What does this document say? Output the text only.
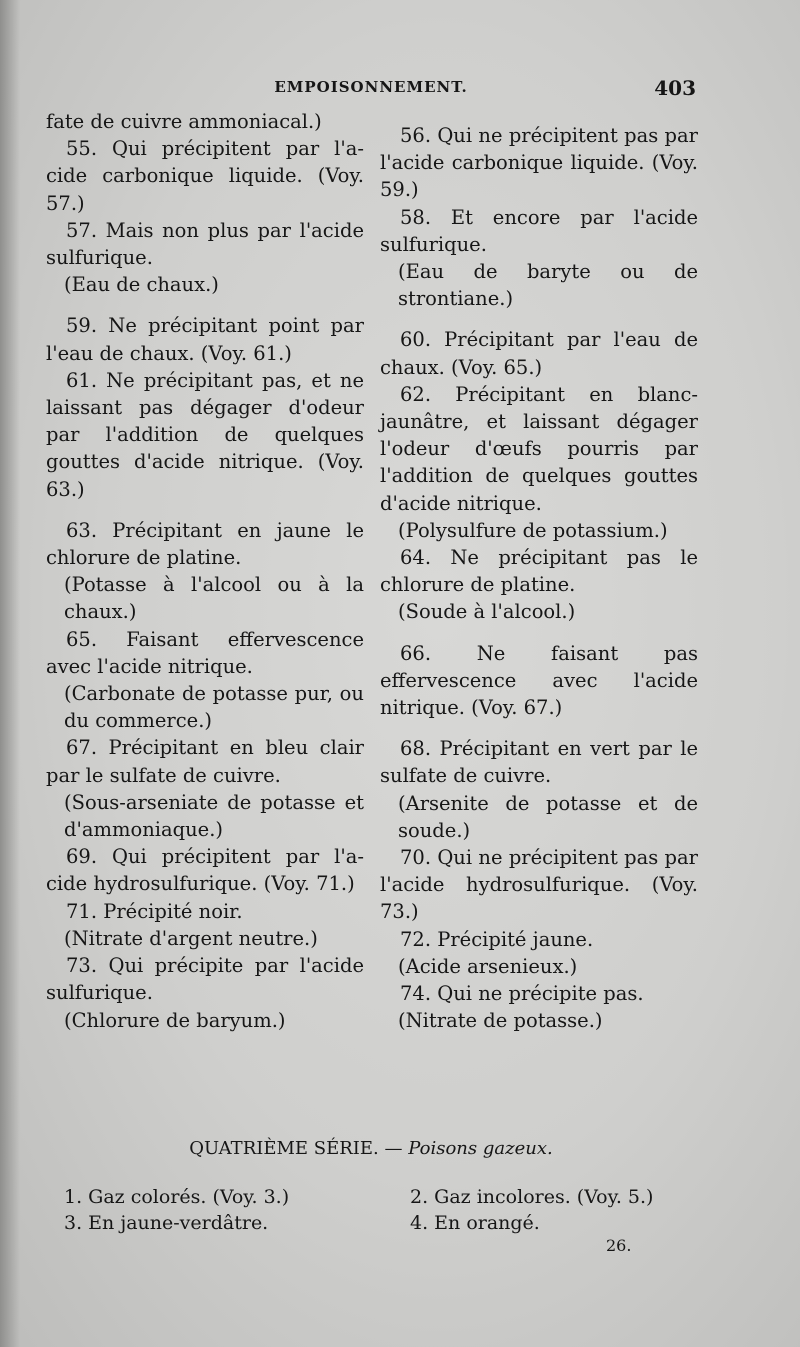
EMPOISONNEMENT.	403

fate de cuivre ammoniacal.)

55. Qui précipitent par l'a-cide carbonique liquide. (Voy. 57.)

57. Mais non plus par l'acide sulfurique.

(Eau de chaux.)

59. Ne précipitant point par l'eau de chaux. (Voy. 61.)

61. Ne précipitant pas, et ne laissant pas dégager d'odeur par l'addition de quelques gouttes d'acide nitrique. (Voy. 63.)

63. Précipitant en jaune le chlorure de platine.

(Potasse à l'alcool ou à la chaux.)

65. Faisant effervescence avec l'acide nitrique.

(Carbonate de potasse pur, ou du commerce.)

67. Précipitant en bleu clair par le sulfate de cuivre.

(Sous-arseniate de potasse et d'ammoniaque.)

69. Qui précipitent par l'a-cide hydrosulfurique. (Voy. 71.)

71. Précipité noir.

(Nitrate d'argent neutre.)

73. Qui précipite par l'acide sulfurique.

(Chlorure de baryum.)

56. Qui ne précipitent pas par l'acide carbonique liquide. (Voy. 59.)

58. Et encore par l'acide sulfurique.

(Eau de baryte ou de strontiane.)

60. Précipitant par l'eau de chaux. (Voy. 65.)

62. Précipitant en blanc-jaunâtre, et laissant dégager l'odeur d'œufs pourris par l'addition de quelques gouttes d'acide nitrique.

(Polysulfure de potassium.)

64. Ne précipitant pas le chlorure de platine.

(Soude à l'alcool.)

66. Ne faisant pas effervescence avec l'acide nitrique. (Voy. 67.)

68. Précipitant en vert par le sulfate de cuivre.

(Arsenite de potasse et de soude.)

70. Qui ne précipitent pas par l'acide hydrosulfurique. (Voy. 73.)

72. Précipité jaune.

(Acide arsenieux.)

74. Qui ne précipite pas.

(Nitrate de potasse.)

QUATRIÈME SÉRIE. — Poisons gazeux.
1. Gaz colorés. (Voy. 3.)	2. Gaz incolores. (Voy. 5.)
3. En jaune-verdâtre.	4. En orangé.
26.
